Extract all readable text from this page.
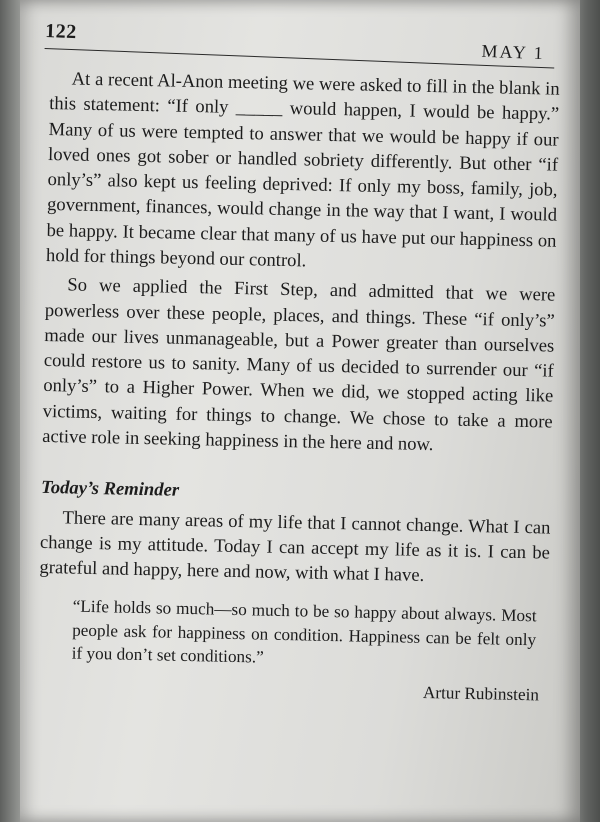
122
MAY 1

At a recent Al-Anon meeting we were asked to fill in the blank in this statement: “If only _____ would happen, I would be happy.” Many of us were tempted to answer that we would be happy if our loved ones got sober or handled sobriety differently. But other “if only’s” also kept us feeling deprived: If only my boss, family, job, government, finances, would change in the way that I want, I would be happy. It became clear that many of us have put our happiness on hold for things beyond our control.

So we applied the First Step, and admitted that we were powerless over these people, places, and things. These “if only’s” made our lives unmanageable, but a Power greater than ourselves could restore us to sanity. Many of us decided to surrender our “if only’s” to a Higher Power. When we did, we stopped acting like victims, waiting for things to change. We chose to take a more active role in seeking happiness in the here and now.

Today’s Reminder

There are many areas of my life that I cannot change. What I can change is my attitude. Today I can accept my life as it is. I can be grateful and happy, here and now, with what I have.

“Life holds so much—so much to be so happy about always. Most people ask for happiness on condition. Happiness can be felt only if you don’t set conditions.”
Artur Rubinstein
